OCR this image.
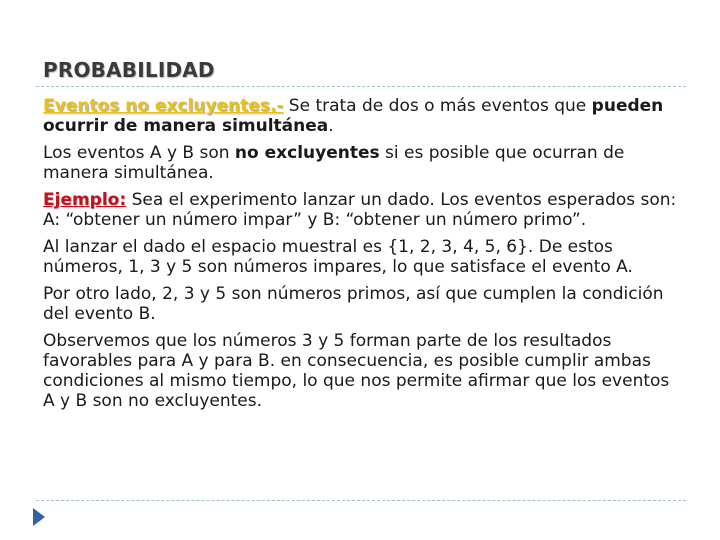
PROBABILIDAD

Eventos no excluyentes.- Se trata de dos o más eventos que pueden ocurrir de manera simultánea.

Los eventos A y B son no excluyentes si es posible que ocurran de manera simultánea.

Ejemplo: Sea el experimento lanzar un dado. Los eventos esperados son: A: “obtener un número impar” y B: “obtener un número primo”.

Al lanzar el dado el espacio muestral es {1, 2, 3, 4, 5, 6}. De estos números, 1, 3 y 5 son números impares, lo que satisface el evento A.

Por otro lado, 2, 3 y 5 son números primos, así que cumplen la condición del evento B.

Observemos que los números 3 y 5 forman parte de los resultados favorables para A y para B. en consecuencia, es posible cumplir ambas condiciones al mismo tiempo, lo que nos permite afirmar que los eventos A y B son no excluyentes.
